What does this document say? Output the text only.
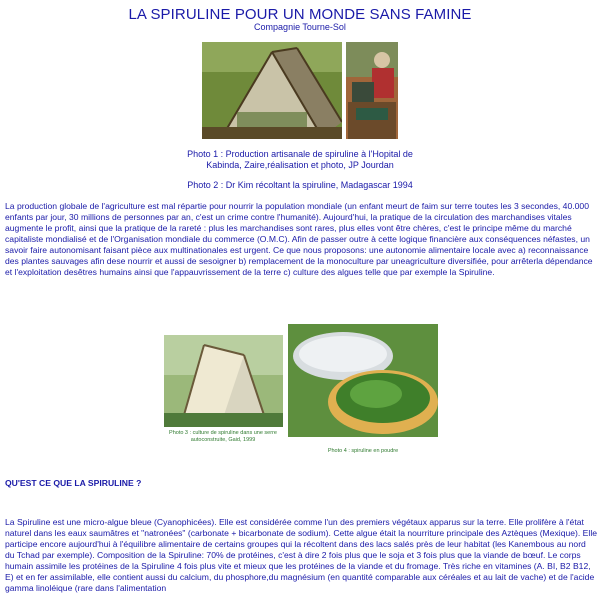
LA SPIRULINE POUR UN MONDE SANS FAMINE
Compagnie Tourne-Sol
Photo 1 : Production artisanale de spiruline à l'Hopital de
Kabinda, Zaire,réalisation et photo, JP Jourdan
Photo 2 : Dr Kim récoltant la spiruline, Madagascar 1994

La production globale de l'agriculture est mal répartie pour nourrir la population mondiale (un enfant meurt de faim sur terre toutes les 3 secondes, 40.000 enfants par jour, 30 millions de personnes par an, c'est un crime contre l'humanité). Aujourd'hui, la pratique de la circulation des marchandises vitales augmente le profit, ainsi que la pratique de la rareté : plus les marchandises sont rares, plus elles vont être chères, c'est le principe même du marché capitaliste mondialisé et de l'Organisation mondiale du commerce (O.M.C). Afin de passer outre à cette logique financière aux conséquences néfastes, un savoir faire autonomisant faisant pièce aux multinationales est urgent. Ce que nous proposons: une autonomie alimentaire locale avec a) reconnaissance des plantes sauvages afin dese nourrir et aussi de sesoigner b) remplacement de la monoculture par uneagriculture diversifiée, pour arrêterla dépendance et l'exploitation desêtres humains ainsi que l'appauvrissement de la terre c) culture des algues telle que par exemple la Spiruline.

Photo 3 : culture de spiruline dans une serre
autoconstruite, Gaid, 1999
Photo 4 : spiruline en poudre
QU'EST CE QUE LA SPIRULINE ?

La Spiruline est une micro-algue bleue (Cyanophicées). Elle est considérée comme l'un des premiers végétaux apparus sur la terre. Elle prolifère à l'état naturel dans les eaux saumâtres et "natronées" (carbonate + bicarbonate de sodium). Cette algue était la nourriture principale des Aztèques (Mexique). Elle participe encore aujourd'hui à l'équilibre alimentaire de certains groupes qui la récoltent dans des lacs salés près de leur habitat (les Kanembous au nord du Tchad par exemple). Composition de la Spiruline: 70% de protéines, c'est à dire 2 fois plus que le soja et 3 fois plus que la viande de bœuf. Le corps humain assimile les protéines de la Spiruline 4 fois plus vite et mieux que les protéines de la viande et du fromage. Très riche en vitamines (A. BI, B2 B12, E) et en fer assimilable, elle contient aussi du calcium, du phosphore,du magnésium (en quantité comparable aux céréales et au lait de vache) et de l'acide gamma linoléique (rare dans l'alimentation
